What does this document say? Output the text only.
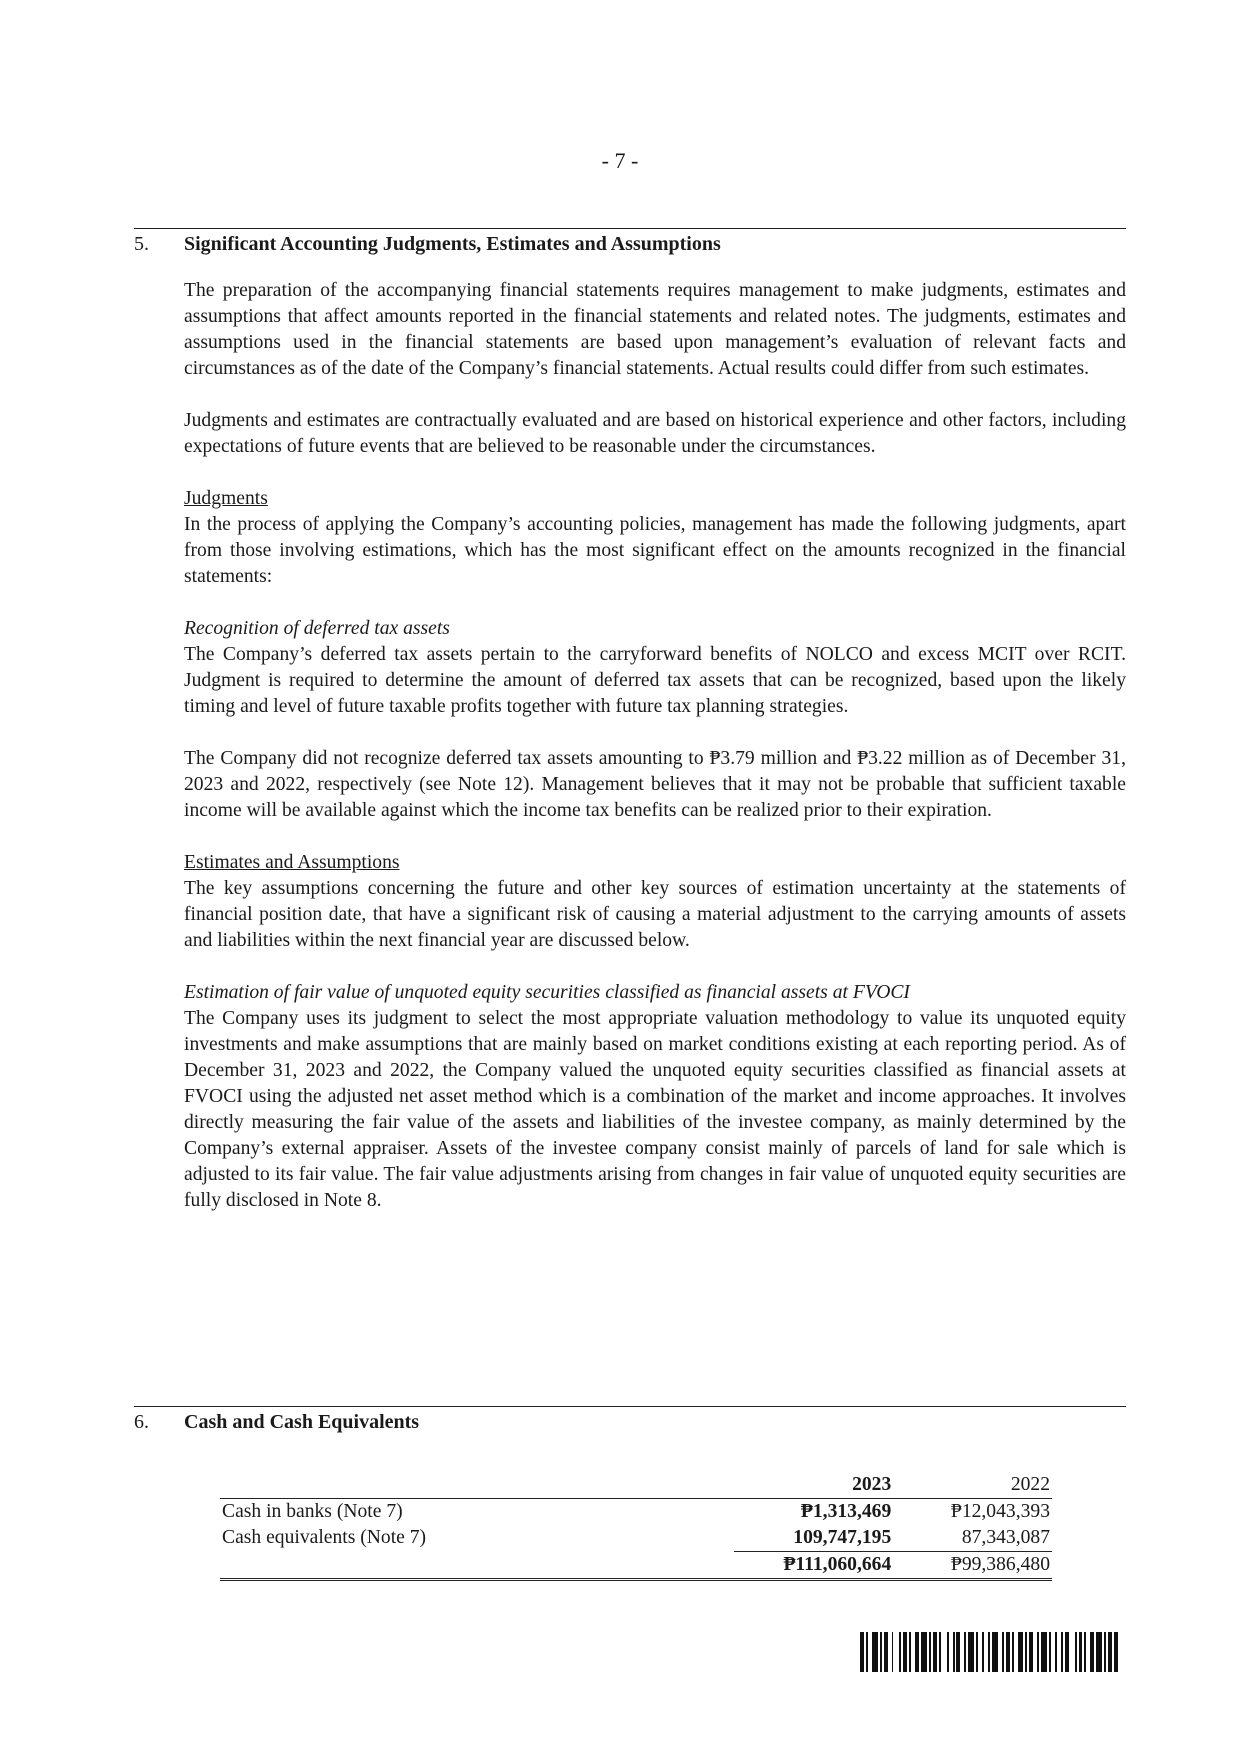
- 7 -
5.	Significant Accounting Judgments, Estimates and Assumptions

The preparation of the accompanying financial statements requires management to make judgments, estimates and assumptions that affect amounts reported in the financial statements and related notes. The judgments, estimates and assumptions used in the financial statements are based upon management’s evaluation of relevant facts and circumstances as of the date of the Company’s financial statements. Actual results could differ from such estimates.

Judgments and estimates are contractually evaluated and are based on historical experience and other factors, including expectations of future events that are believed to be reasonable under the circumstances.

Judgments

In the process of applying the Company’s accounting policies, management has made the following judgments, apart from those involving estimations, which has the most significant effect on the amounts recognized in the financial statements:

Recognition of deferred tax assets

The Company’s deferred tax assets pertain to the carryforward benefits of NOLCO and excess MCIT over RCIT. Judgment is required to determine the amount of deferred tax assets that can be recognized, based upon the likely timing and level of future taxable profits together with future tax planning strategies.

The Company did not recognize deferred tax assets amounting to ₱3.79 million and ₱3.22 million as of December 31, 2023 and 2022, respectively (see Note 12). Management believes that it may not be probable that sufficient taxable income will be available against which the income tax benefits can be realized prior to their expiration.

Estimates and Assumptions

The key assumptions concerning the future and other key sources of estimation uncertainty at the statements of financial position date, that have a significant risk of causing a material adjustment to the carrying amounts of assets and liabilities within the next financial year are discussed below.

Estimation of fair value of unquoted equity securities classified as financial assets at FVOCI

The Company uses its judgment to select the most appropriate valuation methodology to value its unquoted equity investments and make assumptions that are mainly based on market conditions existing at each reporting period. As of December 31, 2023 and 2022, the Company valued the unquoted equity securities classified as financial assets at FVOCI using the adjusted net asset method which is a combination of the market and income approaches. It involves directly measuring the fair value of the assets and liabilities of the investee company, as mainly determined by the Company’s external appraiser. Assets of the investee company consist mainly of parcels of land for sale which is adjusted to its fair value. The fair value adjustments arising from changes in fair value of unquoted equity securities are fully disclosed in Note 8.

6.	Cash and Cash Equivalents
	2023	2022
Cash in banks (Note 7)	₱1,313,469	₱12,043,393
Cash equivalents (Note 7)	109,747,195	87,343,087
	₱111,060,664	₱99,386,480
